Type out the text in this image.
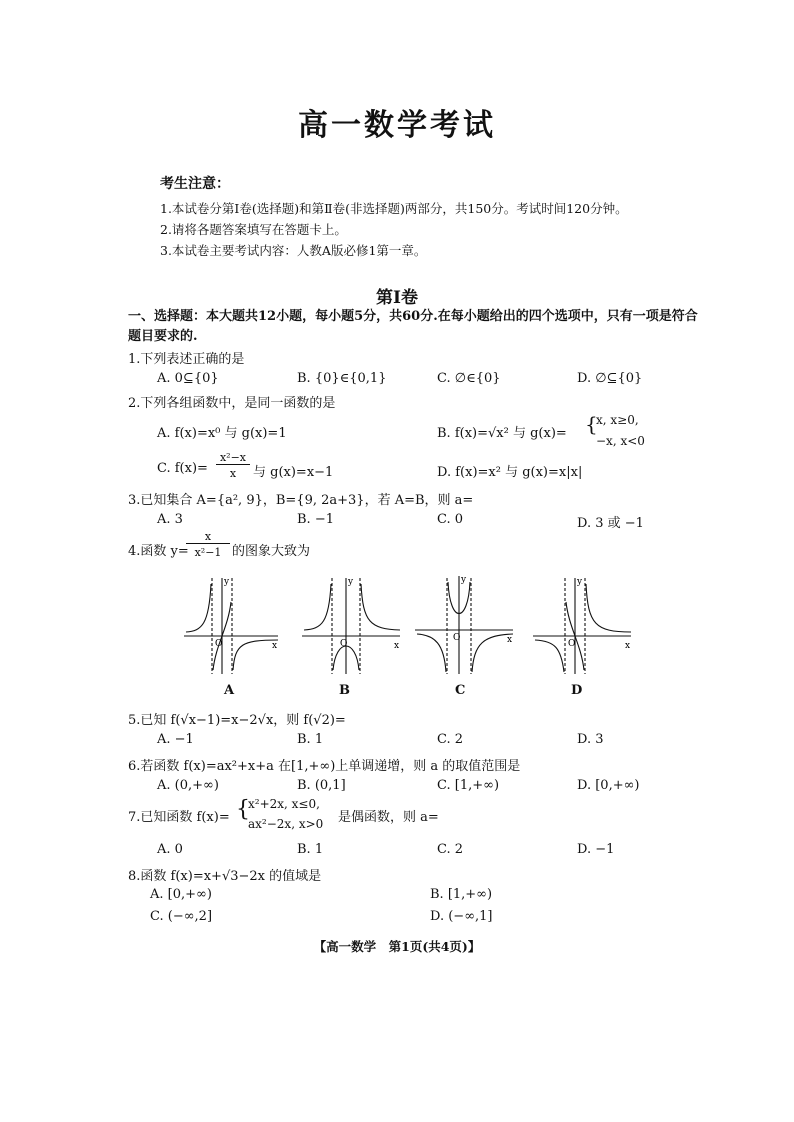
高一数学考试
考生注意：
1.本试卷分第Ⅰ卷(选择题)和第Ⅱ卷(非选择题)两部分，共150分。考试时间120分钟。
2.请将各题答案填写在答题卡上。
3.本试卷主要考试内容：人教A版必修1第一章。
第Ⅰ卷
一、选择题：本大题共12小题，每小题5分，共60分.在每小题给出的四个选项中，只有一项是符合题目要求的.
1.下列表述正确的是
A. 0⊆{0}	B. {0}∈{0,1}	C. ∅∈{0}	D. ∅⊆{0}
2.下列各组函数中，是同一函数的是
A. f(x)=x⁰ 与 g(x)=1	B. f(x)=√x² 与 g(x)= {
x, x≥0,
−x, x<0
C. f(x)=
x²−x
x	与 g(x)=x−1	D. f(x)=x² 与 g(x)=x|x|
3.已知集合 A={a², 9}，B={9, 2a+3}，若 A=B，则 a=
A. 3	B. −1	C. 0	D. 3 或 −1
4.函数 y=
x
x²−1 的图象大致为
y
x
O
A
y
x
O
B
y
x
O
C
y
x
O
D
5.已知 f(√x−1)=x−2√x，则 f(√2)=
A. −1	B. 1	C. 2	D. 3
6.若函数 f(x)=ax²+x+a 在[1,+∞)上单调递增，则 a 的取值范围是
A. (0,+∞)	B. (0,1]	C. [1,+∞)	D. [0,+∞)
7.已知函数 f(x)= {
x²+2x, x≤0,
ax²−2x, x>0 是偶函数，则 a=
A. 0	B. 1	C. 2	D. −1
8.函数 f(x)=x+√3−2x 的值域是
A. [0,+∞)	B. [1,+∞)
C. (−∞,2]	D. (−∞,1]
【高一数学　第1页(共4页)】
